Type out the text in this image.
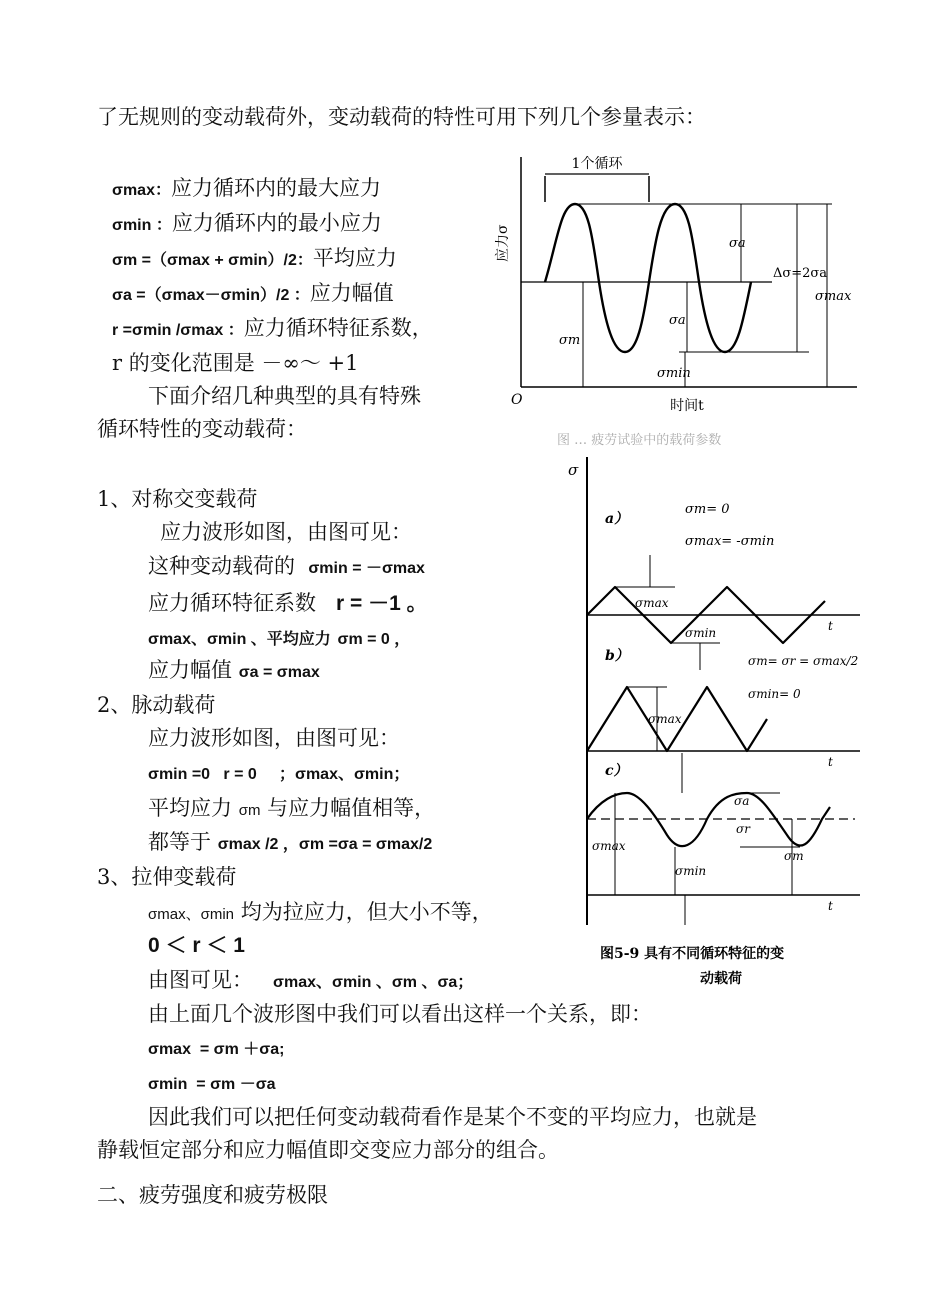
了无规则的变动载荷外，变动载荷的特性可用下列几个参量表示：
σmax：应力循环内的最大应力
σmin ：应力循环内的最小应力
σm =（σmax + σmin）/2：平均应力
σa =（σmax－σmin）/2 ：应力幅值
r =σmin /σmax ：应力循环特征系数，
r 的变化范围是 －∞～ +1
下面介绍几种典型的具有特殊
循环特性的变动载荷：
1、对称交变载荷
应力波形如图，由图可见：
这种变动载荷的 σmin = －σmax
应力循环特征系数 r = －1 。
σmax、σmin 、平均应力 σm = 0 ，
应力幅值 σa = σmax
2、脉动载荷
应力波形如图，由图可见：
σmin =0   r = 0     ；σmax、σmin；
平均应力 σm 与应力幅值相等，
都等于 σmax /2 ，σm =σa = σmax/2
3、拉伸变载荷
σmax、σmin 均为拉应力，但大小不等，
0 ＜ r ＜ 1
由图可见： σmax、σmin 、σm 、σa；
由上面几个波形图中我们可以看出这样一个关系，即：
σmax  = σm ＋σa;
σmin  = σm －σa
因此我们可以把任何变动载荷看作是某个不变的平均应力，也就是
静载恒定部分和应力幅值即交变应力部分的组合。
二、疲劳强度和疲劳极限
1个循环
应力σ
O	时间t
σa
σa
Δσ=2σa
σmax
σm
σmin
图 … 疲劳试验中的载荷参数
σ
a）
σm= 0
σmax= -σmin
t
σmax
σmin
b）	σm= σr = σmax/2
σmin= 0
t
σmax
c）
t
σa
σr
σmax
σmin
σm
图5-9 具有不同循环特征的变
动载荷
